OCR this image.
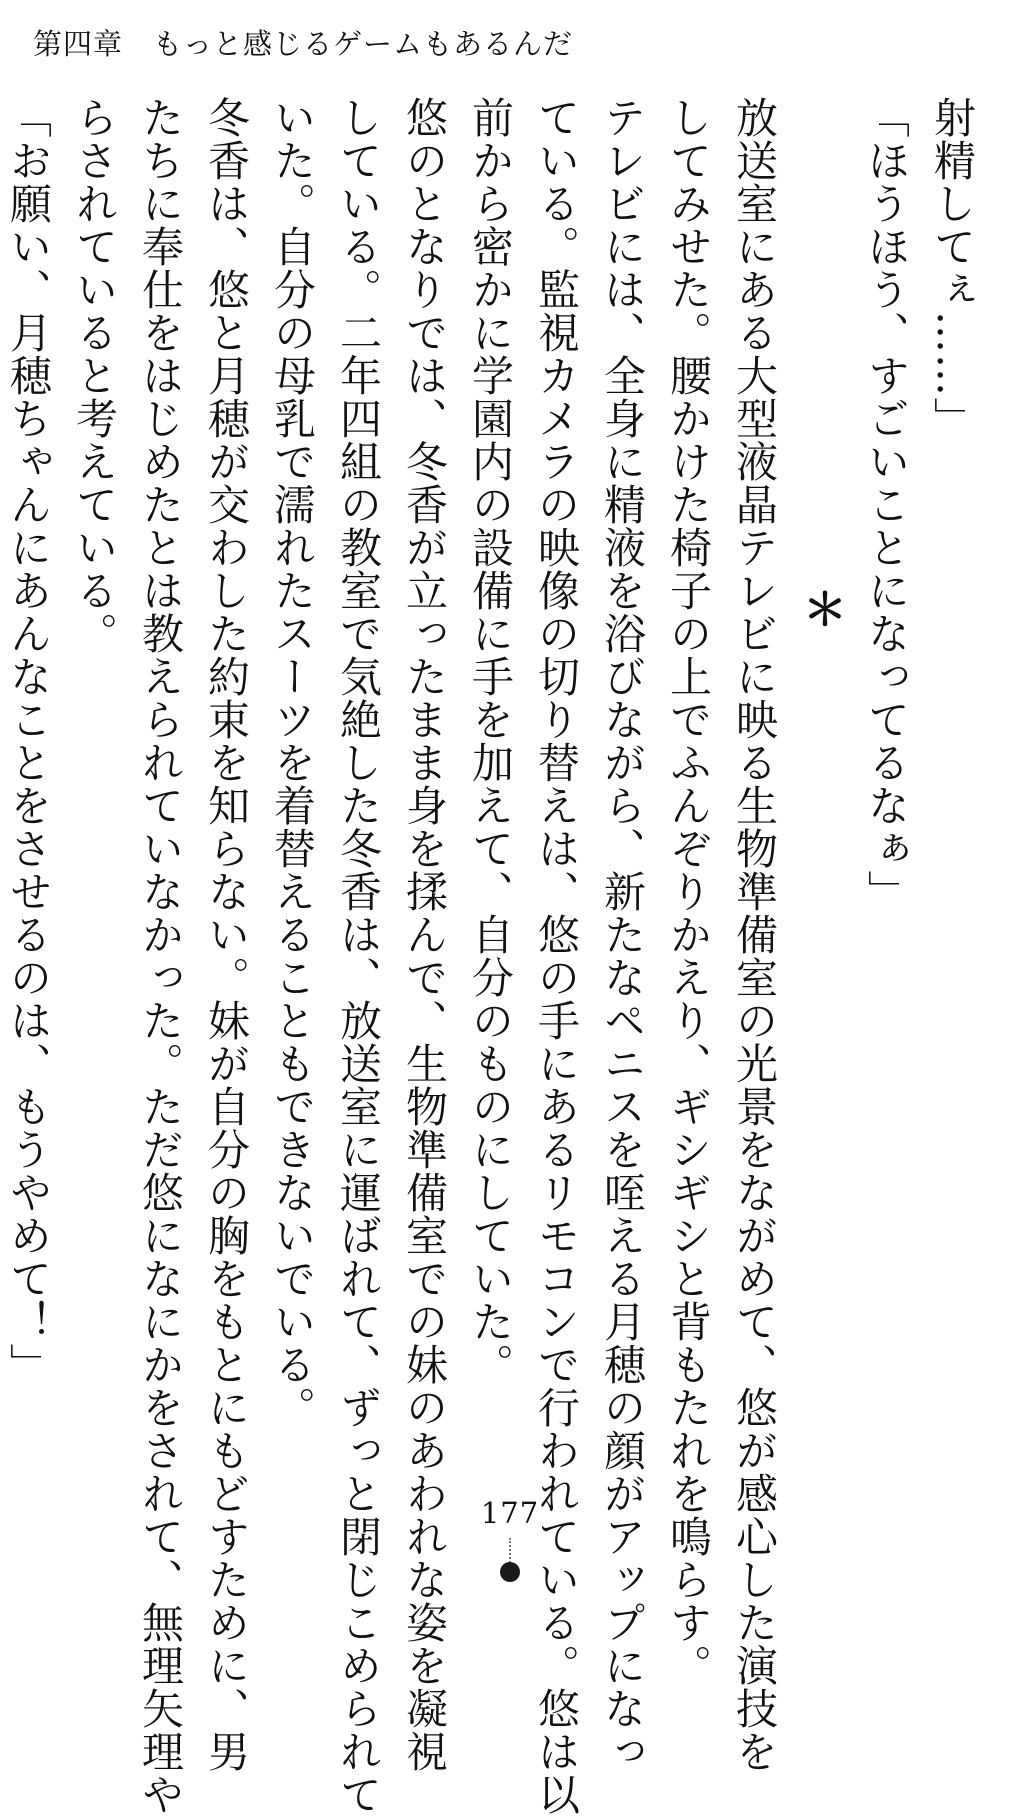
第四章 もっと感じるゲームもあるんだ

射精してぇ……」

「ほうほう、すごいことになってるなぁ」

＊

放送室にある大型液晶テレビに映る生物準備室の光景をながめて、悠が感心した演技を

してみせた。腰かけた椅子の上でふんぞりかえり、ギシギシと背もたれを鳴らす。

テレビには、全身に精液を浴びながら、新たなペニスを咥える月穂の顔がアップになっ

ている。監視カメラの映像の切り替えは、悠の手にあるリモコンで行われている。悠は以

前から密かに学園内の設備に手を加えて、自分のものにしていた。

悠のとなりでは、冬香が立ったまま身を揉んで、生物準備室での妹のあわれな姿を凝視

している。二年四組の教室で気絶した冬香は、放送室に運ばれて、ずっと閉じこめられて

いた。自分の母乳で濡れたスーツを着替えることもできないでいる。

冬香は、悠と月穂が交わした約束を知らない。妹が自分の胸をもとにもどすために、男

たちに奉仕をはじめたとは教えられていなかった。ただ悠になにかをされて、無理矢理や

らされていると考えている。

「お願い、月穂ちゃんにあんなことをさせるのは、もうやめて！」

177
